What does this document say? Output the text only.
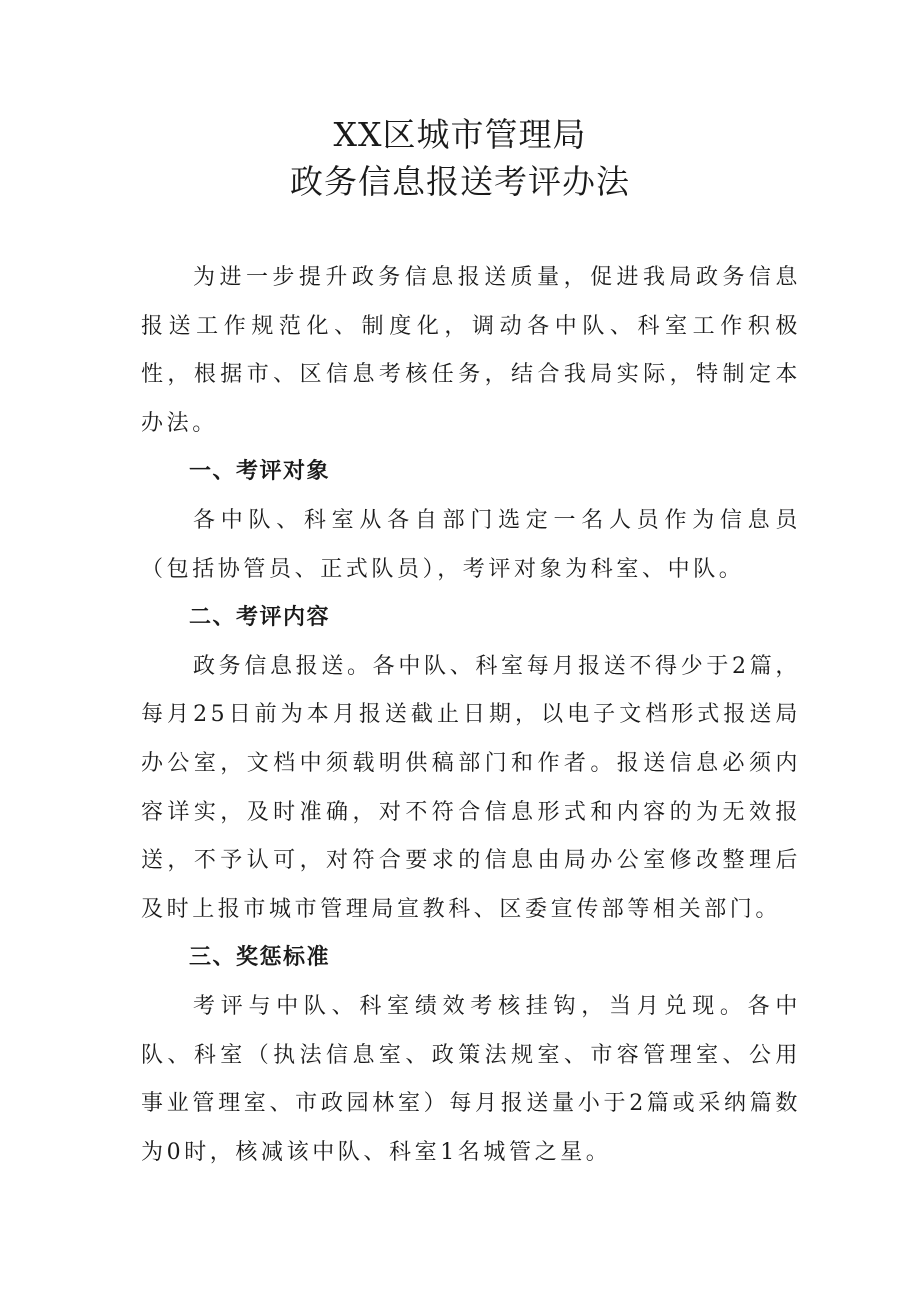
XX区城市管理局
政务信息报送考评办法

为进一步提升政务信息报送质量，促进我局政务信息报送工作规范化、制度化，调动各中队、科室工作积极性，根据市、区信息考核任务，结合我局实际，特制定本办法。

一、考评对象

各中队、科室从各自部门选定一名人员作为信息员（包括协管员、正式队员），考评对象为科室、中队。

二、考评内容

政务信息报送。各中队、科室每月报送不得少于2篇，每月25日前为本月报送截止日期，以电子文档形式报送局办公室，文档中须载明供稿部门和作者。报送信息必须内容详实，及时准确，对不符合信息形式和内容的为无效报送，不予认可，对符合要求的信息由局办公室修改整理后及时上报市城市管理局宣教科、区委宣传部等相关部门。

三、奖惩标准

考评与中队、科室绩效考核挂钩，当月兑现。各中队、科室（执法信息室、政策法规室、市容管理室、公用事业管理室、市政园林室）每月报送量小于2篇或采纳篇数为0时，核减该中队、科室1名城管之星。
